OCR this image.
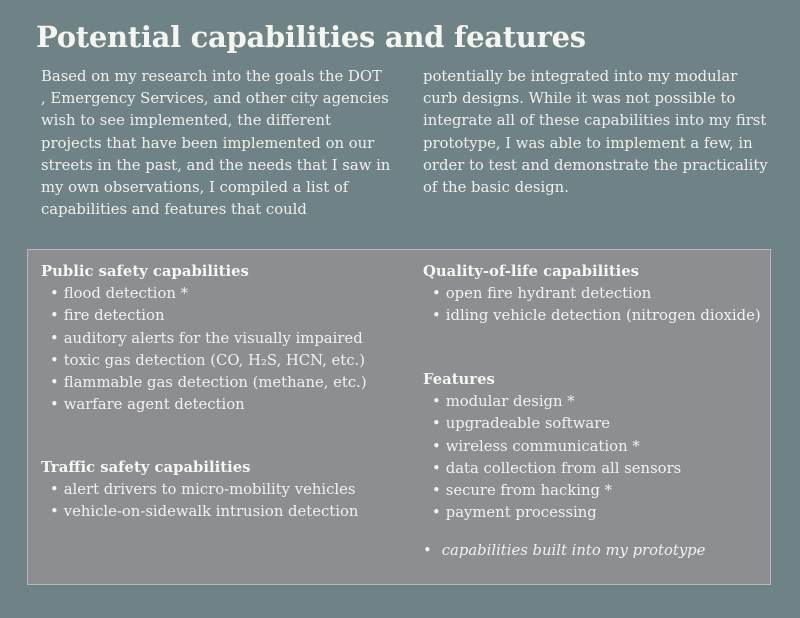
Potential capabilities and features

Based on my research into the goals the DOT , Emergency Services, and other city agencies wish to see implemented, the different projects that have been implemented on our streets in the past, and the needs that I saw in my own observations, I compiled a list of capabilities and features that could

potentially be integrated into my modular curb designs. While it was not possible to integrate all of these capabilities into my first prototype, I was able to implement a few, in order to test and demonstrate the practicality of the basic design.

Public safety capabilities
• flood detection *
• fire detection
• auditory alerts for the visually impaired
• toxic gas detection (CO, H₂S, HCN, etc.)
• flammable gas detection (methane, etc.)
• warfare agent detection
Traffic safety capabilities
• alert drivers to micro-mobility vehicles
• vehicle-on-sidewalk intrusion detection
Quality-of-life capabilities
• open fire hydrant detection
• idling vehicle detection (nitrogen dioxide)
Features
• modular design *
• upgradeable software
• wireless communication *
• data collection from all sensors
• secure from hacking *
• payment processing

• capabilities built into my prototype
